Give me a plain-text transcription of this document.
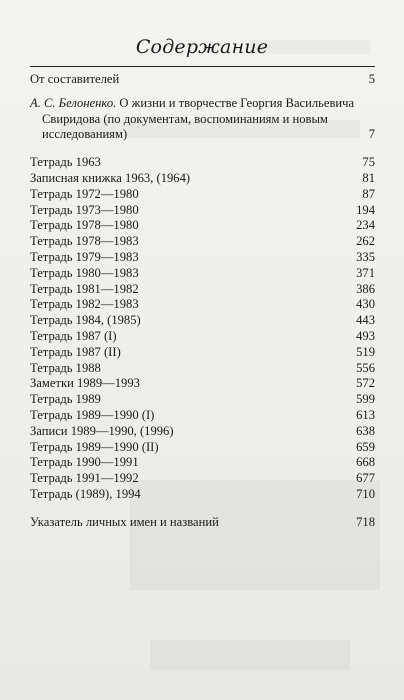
Содержание
От составителей	5
А. С. Белоненко. О жизни и творчестве Георгия Васильевича
Свиридова (по документам, воспоминаниям и новым
исследованиям)	7
Тетрадь 1963	75
Записная книжка 1963, (1964)	81
Тетрадь 1972—1980	87
Тетрадь 1973—1980	194
Тетрадь 1978—1980	234
Тетрадь 1978—1983	262
Тетрадь 1979—1983	335
Тетрадь 1980—1983	371
Тетрадь 1981—1982	386
Тетрадь 1982—1983	430
Тетрадь 1984, (1985)	443
Тетрадь 1987 (I)	493
Тетрадь 1987 (II)	519
Тетрадь 1988	556
Заметки 1989—1993	572
Тетрадь 1989	599
Тетрадь 1989—1990 (I)	613
Записи 1989—1990, (1996)	638
Тетрадь 1989—1990 (II)	659
Тетрадь 1990—1991	668
Тетрадь 1991—1992	677
Тетрадь (1989), 1994	710
Указатель личных имен и названий	718
